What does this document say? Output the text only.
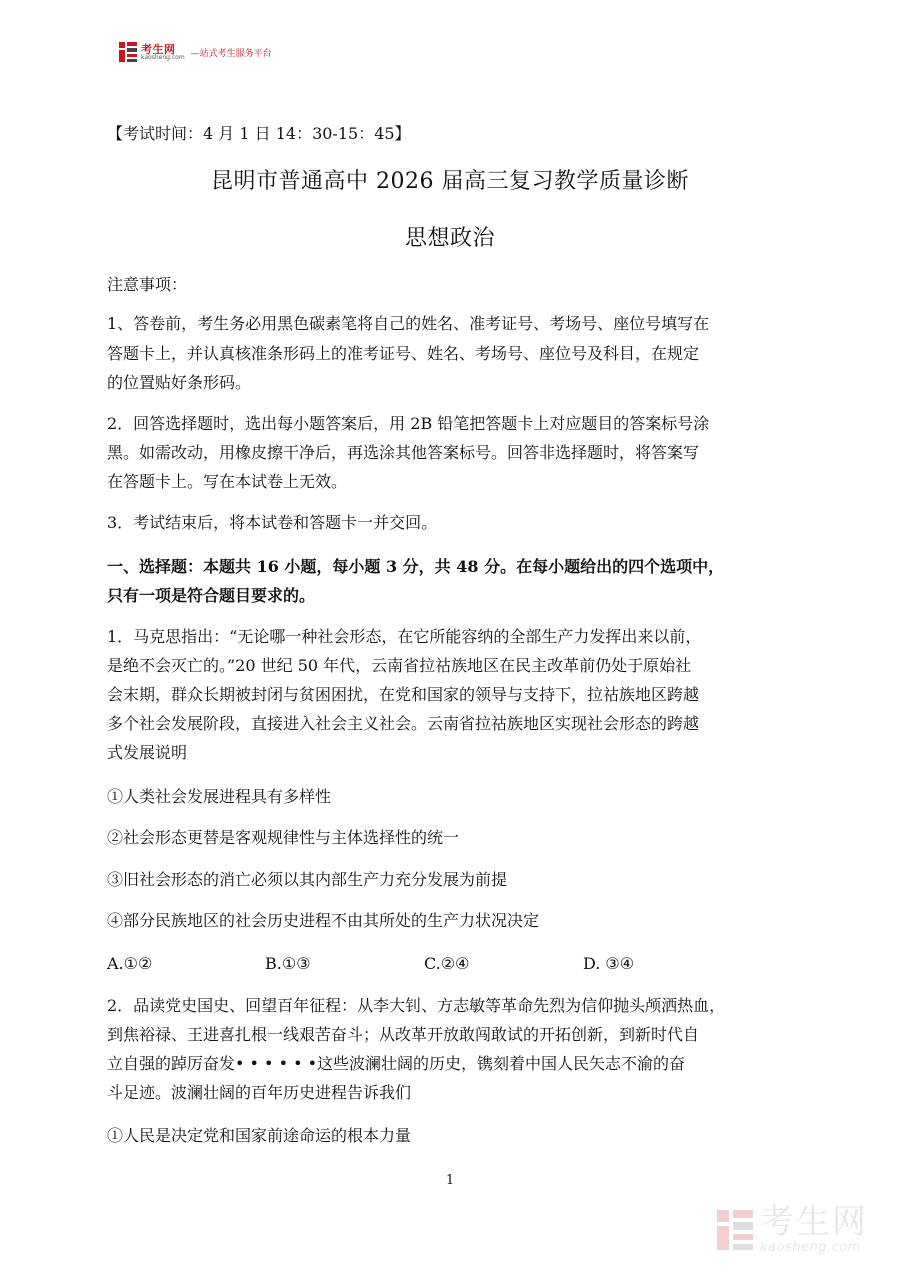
考生网
kaosheng.com —站式考生服务平台
【考试时间：4 月 1 日 14：30-15：45】
昆明市普通高中 2026 届高三复习教学质量诊断
思想政治
注意事项：
1、答卷前，考生务必用黑色碳素笔将自己的姓名、准考证号、考场号、座位号填写在
答题卡上，并认真核准条形码上的准考证号、姓名、考场号、座位号及科目，在规定
的位置贴好条形码。
2．回答选择题时，选出每小题答案后，用 2B 铅笔把答题卡上对应题目的答案标号涂
黑。如需改动，用橡皮擦干净后，再选涂其他答案标号。回答非选择题时，将答案写
在答题卡上。写在本试卷上无效。
3．考试结束后，将本试卷和答题卡一并交回。
一、选择题：本题共 16 小题，每小题 3 分，共 48 分。在每小题给出的四个选项中，
只有一项是符合题目要求的。
1．马克思指出：“无论哪一种社会形态，在它所能容纳的全部生产力发挥出来以前，
是绝不会灭亡的。”20 世纪 50 年代，云南省拉祜族地区在民主改革前仍处于原始社
会末期，群众长期被封闭与贫困困扰，在党和国家的领导与支持下，拉祜族地区跨越
多个社会发展阶段，直接进入社会主义社会。云南省拉祜族地区实现社会形态的跨越
式发展说明
①人类社会发展进程具有多样性
②社会形态更替是客观规律性与主体选择性的统一
③旧社会形态的消亡必须以其内部生产力充分发展为前提
④部分民族地区的社会历史进程不由其所处的生产力状况决定
A.①②	B.①③	C.②④	D. ③④
2．品读党史国史、回望百年征程：从李大钊、方志敏等革命先烈为信仰抛头颅洒热血，
到焦裕禄、王进喜扎根一线艰苦奋斗；从改革开放敢闯敢试的开拓创新，到新时代自
立自强的踔厉奋发• • • • • •这些波澜壮阔的历史，镌刻着中国人民矢志不渝的奋
斗足迹。波澜壮阔的百年历史进程告诉我们
①人民是决定党和国家前途命运的根本力量
1
考生网
kaosheng.com
